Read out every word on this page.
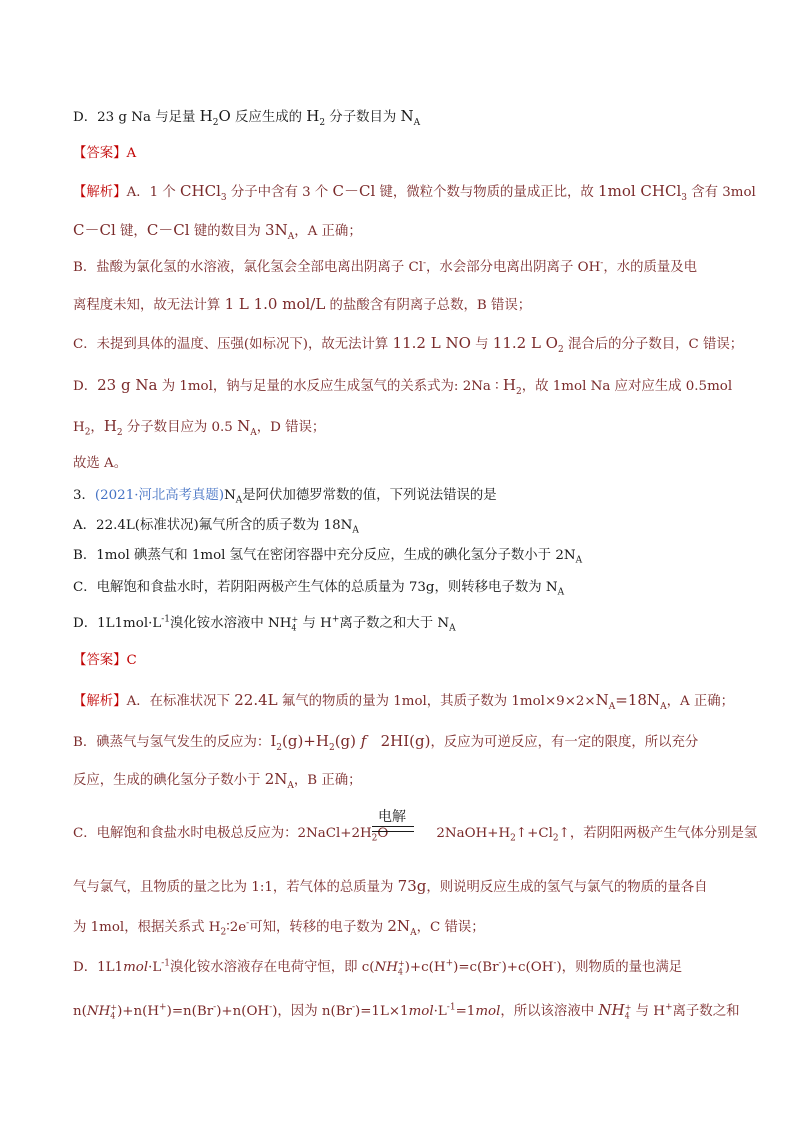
D．23 g Na 与足量 $H_2O$ 反应生成的 $H_2$ 分子数目为 $N_A$
【答案】A
【解析】A．1 个 CHCl$_3$ 分子中含有 3 个 C－Cl 键，微粒个数与物质的量成正比，故 1mol CHCl$_3$ 含有 3mol
C－Cl 键，C－Cl 键的数目为 $3N_A$，A 正确；
B．盐酸为氯化氢的水溶液，氯化氢会全部电离出阴离子 Cl-，水会部分电离出阴离子 OH-，水的质量及电
离程度未知，故无法计算 1 L 1.0 mol/L 的盐酸含有阴离子总数，B 错误；
C．未提到具体的温度、压强(如标况下)，故无法计算 11.2 L NO 与 11.2 L $O_2$ 混合后的分子数目，C 错误；
D．23 g Na 为 1mol，钠与足量的水反应生成氢气的关系式为: 2Na ∶ $H_2$，故 1mol Na 应对应生成 0.5mol
$H_2$，$H_2$ 分子数目应为 0.5 $N_A$，D 错误；
故选 A。
3．(2021·河北高考真题)$N_A$是阿伏加德罗常数的值，下列说法错误的是
A．22.4L(标准状况)氟气所含的质子数为 $18N_A$
B．1mol 碘蒸气和 1mol 氢气在密闭容器中充分反应，生成的碘化氢分子数小于 $2N_A$
C．电解饱和食盐水时，若阴阳两极产生气体的总质量为 73g，则转移电子数为 $N_A$
D．$1L1mol\cdot L^{-1}$溴化铵水溶液中 $NH_4^+$ 与 H+离子数之和大于 $N_A$
【答案】C
【解析】A．在标准状况下 22.4L 氟气的物质的量为 1mol，其质子数为 $1mol\times 9\times 2\times N_A=18N_A$，A 正确；
B．碘蒸气与氢气发生的反应为：$I_2(g)+H_2(g)$ f   2HI(g)，反应为可逆反应，有一定的限度，所以充分
反应，生成的碘化氢分子数小于 $2N_A$，B 正确；
C．电解饱和食盐水时电极总反应为：$2NaCl+2H_2O$	$2NaOH+H_2↑+Cl_2↑$，若阴阳两极产生气体分别是氢
气与氯气，且物质的量之比为 1:1，若气体的总质量为 73g，则说明反应生成的氢气与氯气的物质的量各自
为 1mol，根据关系式 $H_2∶2e^-$可知，转移的电子数为 $2N_A$，C 错误；
D．$1L1mol\cdot L^{-1}$溴化铵水溶液存在电荷守恒，即 $c(NH_4^+)+c(H^+)=c(Br^-)+c(OH^-)$，则物质的量也满足
$n(NH_4^+)+n(H^+)=n(Br^-)+n(OH^-)$，因为 $n(Br^-)=1L\times 1mol\cdot L^{-1}=1mol$，所以该溶液中 $NH_4^+$ 与 H+离子数之和
电解
